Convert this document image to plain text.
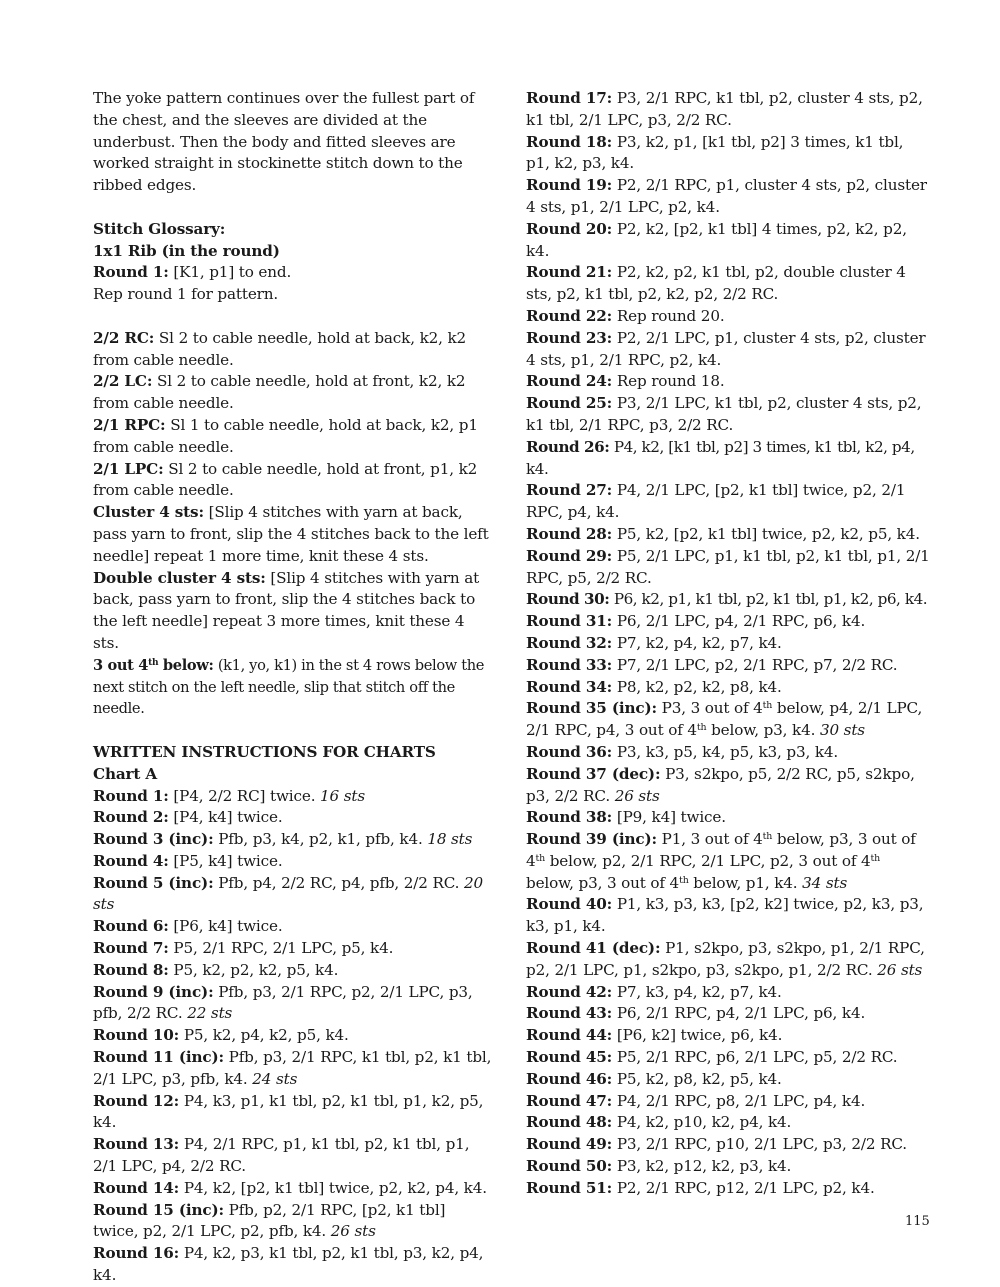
The yoke pattern continues over the fullest part of the chest, and the sleeves are divided at the underbust. Then the body and fitted sleeves are worked straight in stockinette stitch down to the ribbed edges.

Stitch Glossary:

1x1 Rib (in the round)

Round 1: [K1, p1] to end.

Rep round 1 for pattern.

2/2 RC: Sl 2 to cable needle, hold at back, k2, k2 from cable needle.

2/2 LC: Sl 2 to cable needle, hold at front, k2, k2 from cable needle.

2/1 RPC: Sl 1 to cable needle, hold at back, k2, p1 from cable needle.

2/1 LPC: Sl 2 to cable needle, hold at front, p1, k2 from cable needle.

Cluster 4 sts: [Slip 4 stitches with yarn at back, pass yarn to front, slip the 4 stitches back to the left needle] repeat 1 more time, knit these 4 sts.

Double cluster 4 sts: [Slip 4 stitches with yarn at back, pass yarn to front, slip the 4 stitches back to the left needle] repeat 3 more times, knit these 4 sts.

3 out 4th below: (k1, yo, k1) in the st 4 rows below the next stitch on the left needle, slip that stitch off the needle.

WRITTEN INSTRUCTIONS FOR CHARTS

Chart A

Round 1: [P4, 2/2 RC] twice. 16 sts

Round 2: [P4, k4] twice.

Round 3 (inc): Pfb, p3, k4, p2, k1, pfb, k4. 18 sts

Round 4: [P5, k4] twice.

Round 5 (inc): Pfb, p4, 2/2 RC, p4, pfb, 2/2 RC. 20 sts

Round 6: [P6, k4] twice.

Round 7: P5, 2/1 RPC, 2/1 LPC, p5, k4.

Round 8: P5, k2, p2, k2, p5, k4.

Round 9 (inc): Pfb, p3, 2/1 RPC, p2, 2/1 LPC, p3, pfb, 2/2 RC. 22 sts

Round 10: P5, k2, p4, k2, p5, k4.

Round 11 (inc): Pfb, p3, 2/1 RPC, k1 tbl, p2, k1 tbl, 2/1 LPC, p3, pfb, k4. 24 sts

Round 12: P4, k3, p1, k1 tbl, p2, k1 tbl, p1, k2, p5, k4.

Round 13: P4, 2/1 RPC, p1, k1 tbl, p2, k1 tbl, p1, 2/1 LPC, p4, 2/2 RC.

Round 14: P4, k2, [p2, k1 tbl] twice, p2, k2, p4, k4.

Round 15 (inc): Pfb, p2, 2/1 RPC, [p2, k1 tbl] twice, p2, 2/1 LPC, p2, pfb, k4. 26 sts

Round 16: P4, k2, p3, k1 tbl, p2, k1 tbl, p3, k2, p4, k4.

Round 17: P3, 2/1 RPC, k1 tbl, p2, cluster 4 sts, p2, k1 tbl, 2/1 LPC, p3, 2/2 RC.

Round 18: P3, k2, p1, [k1 tbl, p2] 3 times, k1 tbl, p1, k2, p3, k4.

Round 19: P2, 2/1 RPC, p1, cluster 4 sts, p2, cluster 4 sts, p1, 2/1 LPC, p2, k4.

Round 20: P2, k2, [p2, k1 tbl] 4 times, p2, k2, p2, k4.

Round 21: P2, k2, p2, k1 tbl, p2, double cluster 4 sts, p2, k1 tbl, p2, k2, p2, 2/2 RC.

Round 22: Rep round 20.

Round 23: P2, 2/1 LPC, p1, cluster 4 sts, p2, cluster 4 sts, p1, 2/1 RPC, p2, k4.

Round 24: Rep round 18.

Round 25: P3, 2/1 LPC, k1 tbl, p2, cluster 4 sts, p2, k1 tbl, 2/1 RPC, p3, 2/2 RC.

Round 26: P4, k2, [k1 tbl, p2] 3 times, k1 tbl, k2, p4, k4.

Round 27: P4, 2/1 LPC, [p2, k1 tbl] twice, p2, 2/1 RPC, p4, k4.

Round 28: P5, k2, [p2, k1 tbl] twice, p2, k2, p5, k4.

Round 29: P5, 2/1 LPC, p1, k1 tbl, p2, k1 tbl, p1, 2/1 RPC, p5, 2/2 RC.

Round 30: P6, k2, p1, k1 tbl, p2, k1 tbl, p1, k2, p6, k4.

Round 31: P6, 2/1 LPC, p4, 2/1 RPC, p6, k4.

Round 32: P7, k2, p4, k2, p7, k4.

Round 33: P7, 2/1 LPC, p2, 2/1 RPC, p7, 2/2 RC.

Round 34: P8, k2, p2, k2, p8, k4.

Round 35 (inc): P3, 3 out of 4th below, p4, 2/1 LPC, 2/1 RPC, p4, 3 out of 4th below, p3, k4. 30 sts

Round 36: P3, k3, p5, k4, p5, k3, p3, k4.

Round 37 (dec): P3, s2kpo, p5, 2/2 RC, p5, s2kpo, p3, 2/2 RC. 26 sts

Round 38: [P9, k4] twice.

Round 39 (inc): P1, 3 out of 4th below, p3, 3 out of 4th below, p2, 2/1 RPC, 2/1 LPC, p2, 3 out of 4th below, p3, 3 out of 4th below, p1, k4. 34 sts

Round 40: P1, k3, p3, k3, [p2, k2] twice, p2, k3, p3, k3, p1, k4.

Round 41 (dec): P1, s2kpo, p3, s2kpo, p1, 2/1 RPC, p2, 2/1 LPC, p1, s2kpo, p3, s2kpo, p1, 2/2 RC. 26 sts

Round 42: P7, k3, p4, k2, p7, k4.

Round 43: P6, 2/1 RPC, p4, 2/1 LPC, p6, k4.

Round 44: [P6, k2] twice, p6, k4.

Round 45: P5, 2/1 RPC, p6, 2/1 LPC, p5, 2/2 RC.

Round 46: P5, k2, p8, k2, p5, k4.

Round 47: P4, 2/1 RPC, p8, 2/1 LPC, p4, k4.

Round 48: P4, k2, p10, k2, p4, k4.

Round 49: P3, 2/1 RPC, p10, 2/1 LPC, p3, 2/2 RC.

Round 50: P3, k2, p12, k2, p3, k4.

Round 51: P2, 2/1 RPC, p12, 2/1 LPC, p2, k4.

115
